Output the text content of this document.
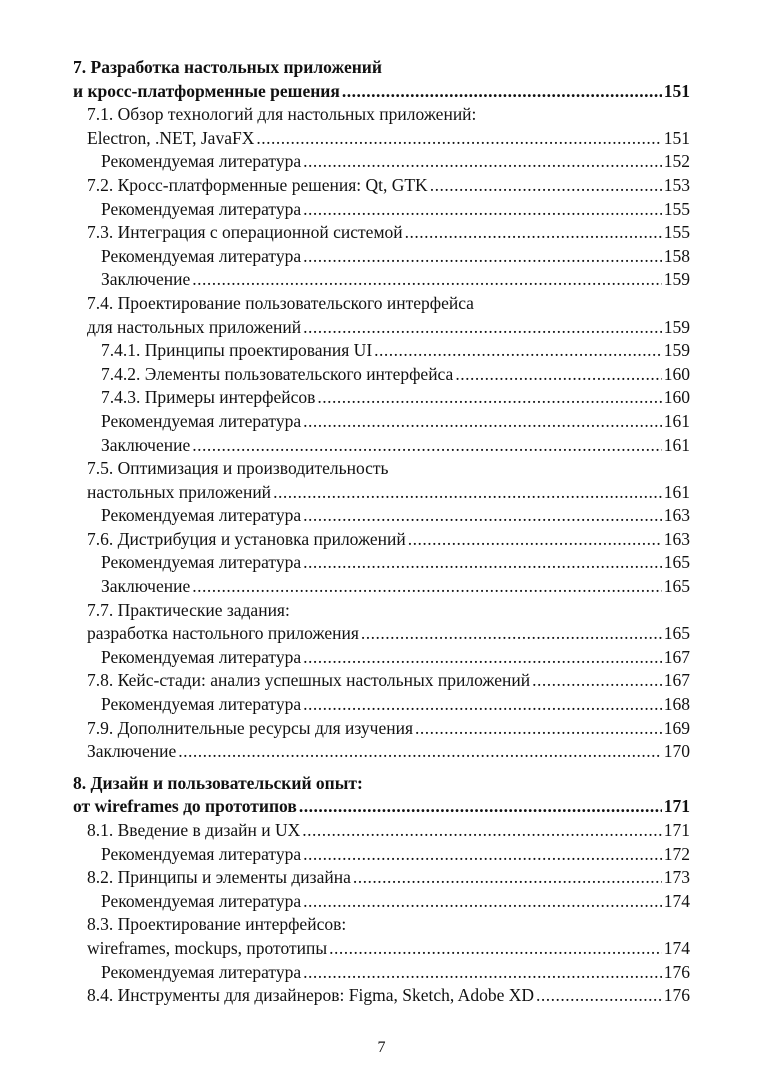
7. Разработка настольных приложений
и кросс-платформенные решения .....	151
7.1. Обзор технологий для настольных приложений:
Electron, .NET, JavaFX .....	151
Рекомендуемая литература .....	152
7.2. Кросс-платформенные решения: Qt, GTK .....	153
Рекомендуемая литература .....	155
7.3. Интеграция с операционной системой .....	155
Рекомендуемая литература .....	158
Заключение .....	159
7.4. Проектирование пользовательского интерфейса
для настольных приложений .....	159
7.4.1. Принципы проектирования UI .....	159
7.4.2. Элементы пользовательского интерфейса .....	160
7.4.3. Примеры интерфейсов .....	160
Рекомендуемая литература .....	161
Заключение .....	161
7.5. Оптимизация и производительность
настольных приложений .....	161
Рекомендуемая литература .....	163
7.6. Дистрибуция и установка приложений .....	163
Рекомендуемая литература .....	165
Заключение .....	165
7.7. Практические задания:
разработка настольного приложения .....	165
Рекомендуемая литература .....	167
7.8. Кейс-стади: анализ успешных настольных приложений .....	167
Рекомендуемая литература .....	168
7.9. Дополнительные ресурсы для изучения .....	169
Заключение .....	170
8. Дизайн и пользовательский опыт:
от wireframes до прототипов .....	171
8.1. Введение в дизайн и UX .....	171
Рекомендуемая литература .....	172
8.2. Принципы и элементы дизайна .....	173
Рекомендуемая литература .....	174
8.3. Проектирование интерфейсов:
wireframes, mockups, прототипы .....	174
Рекомендуемая литература .....	176
8.4. Инструменты для дизайнеров: Figma, Sketch, Adobe XD .....	176
7
